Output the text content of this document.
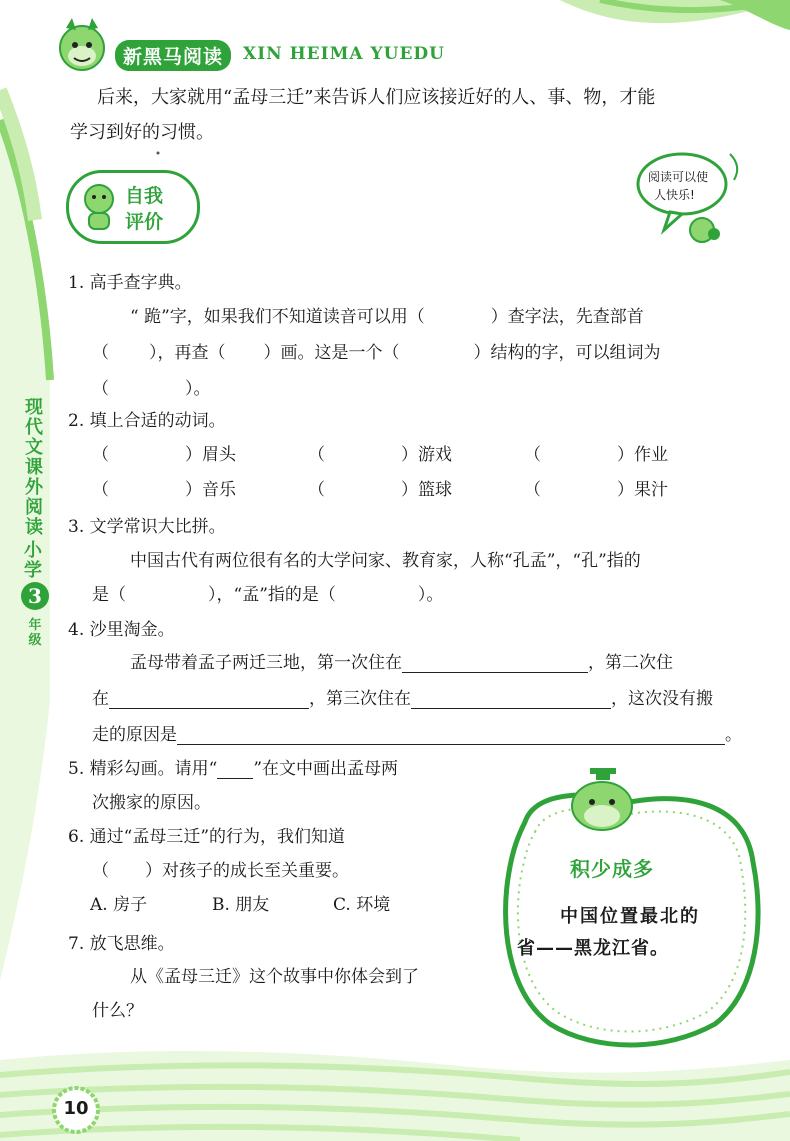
新黑马阅读	XIN HEIMA YUEDU
后来，大家就用“孟母三迁”来告诉人们应该接近好的人、事、物，才能
学习到好的习惯。
自我
评价
阅读可以使
人快乐!
现代文课外阅读
小学
3
年级
1. 高手查字典。
“ 跪”字，如果我们不知道读音可以用（	）查字法，先查部首
（ ），再查（ ）画。这是一个（	）结构的字，可以组词为
（	）。
2. 填上合适的动词。
（	）眉头	（	）游戏	（	）作业
（	）音乐	（	）篮球	（	）果汁
3. 文学常识大比拼。
中国古代有两位很有名的大学问家、教育家，人称“孔孟”，“孔”指的
是（	），“孟”指的是（	）。
4. 沙里淘金。
孟母带着孟子两迁三地，第一次住在	，第二次住
在	，第三次住在	，这次没有搬
走的原因是	。
5. 精彩勾画。请用“ ”在文中画出孟母两
次搬家的原因。
6. 通过“孟母三迁”的行为，我们知道
（ ）对孩子的成长至关重要。
A. 房子	B. 朋友	C. 环境
7. 放飞思维。
从《孟母三迁》这个故事中你体会到了
什么？
积少成多
中国位置最北的
省——黑龙江省。
10
